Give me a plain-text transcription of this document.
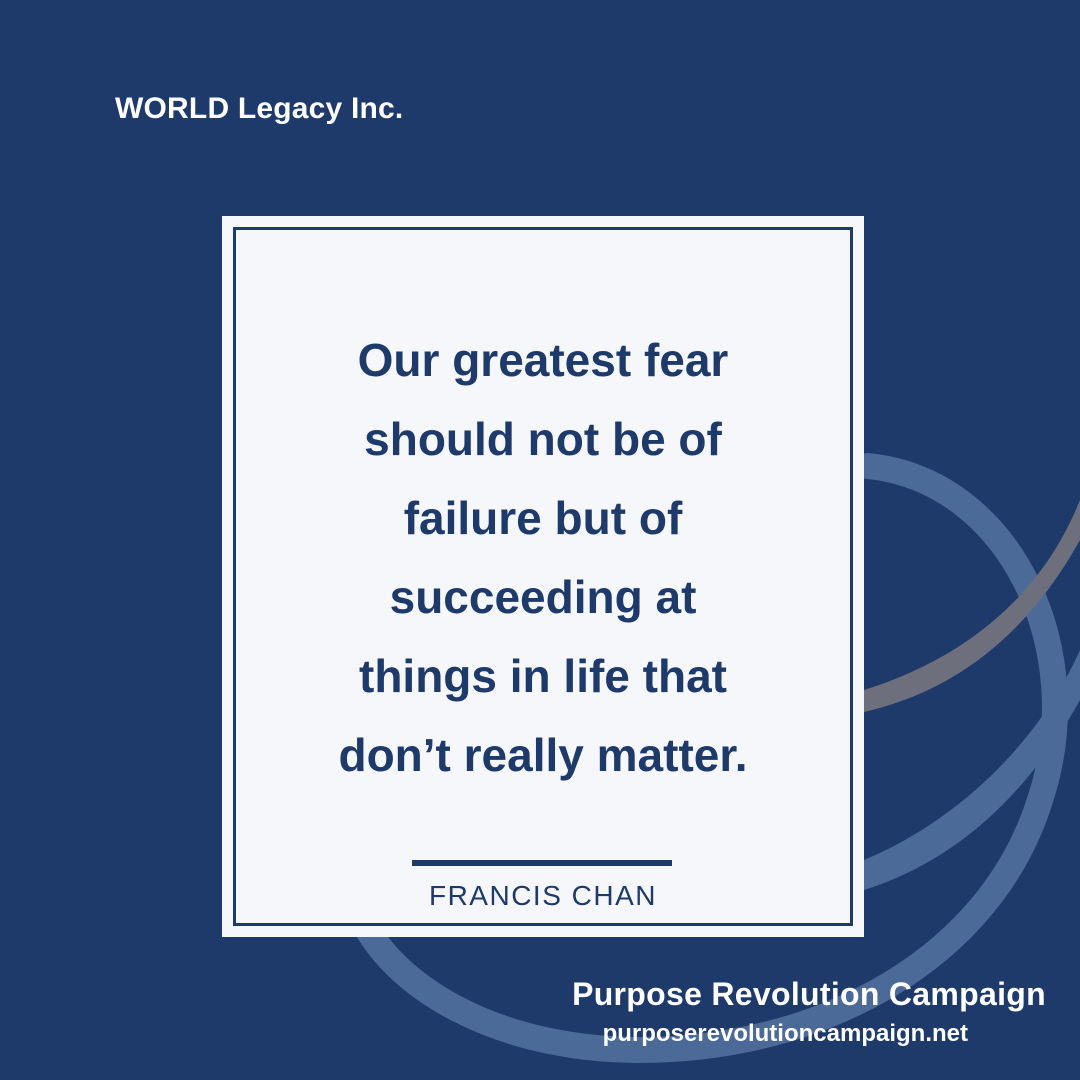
WORLD Legacy Inc.

Our greatest fear
should not be of
failure but of
succeeding at
things in life that
don’t really matter.

FRANCIS CHAN
Purpose Revolution Campaign
purposerevolutioncampaign.net
